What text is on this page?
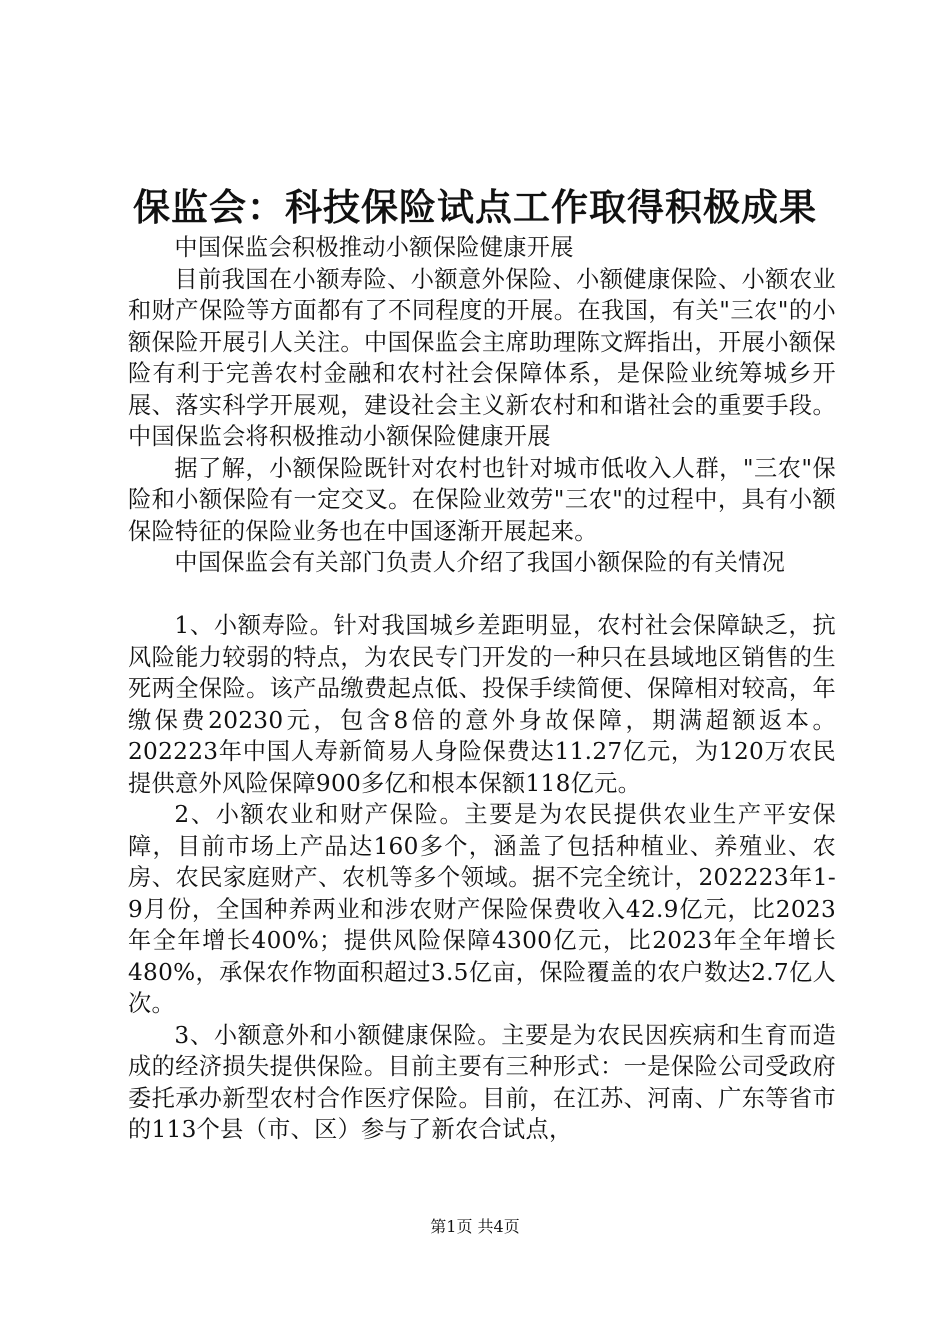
保监会：科技保险试点工作取得积极成果

中国保监会积极推动小额保险健康开展

目前我国在小额寿险、小额意外保险、小额健康保险、小额农业和财产保险等方面都有了不同程度的开展。在我国，有关"三农"的小额保险开展引人关注。中国保监会主席助理陈文辉指出，开展小额保险有利于完善农村金融和农村社会保障体系，是保险业统筹城乡开展、落实科学开展观，建设社会主义新农村和和谐社会的重要手段。中国保监会将积极推动小额保险健康开展

据了解，小额保险既针对农村也针对城市低收入人群，"三农"保险和小额保险有一定交叉。在保险业效劳"三农"的过程中，具有小额保险特征的保险业务也在中国逐渐开展起来。

中国保监会有关部门负责人介绍了我国小额保险的有关情况

1、小额寿险。针对我国城乡差距明显，农村社会保障缺乏，抗风险能力较弱的特点，为农民专门开发的一种只在县域地区销售的生死两全保险。该产品缴费起点低、投保手续简便、保障相对较高，年缴保费20230元，包含8倍的意外身故保障，期满超额返本。202223年中国人寿新简易人身险保费达11.27亿元，为120万农民提供意外风险保障900多亿和根本保额118亿元。

2、小额农业和财产保险。主要是为农民提供农业生产平安保障，目前市场上产品达160多个，涵盖了包括种植业、养殖业、农房、农民家庭财产、农机等多个领域。据不完全统计，202223年1-9月份，全国种养两业和涉农财产保险保费收入42.9亿元，比2023年全年增长400%；提供风险保障4300亿元，比2023年全年增长480%，承保农作物面积超过3.5亿亩，保险覆盖的农户数达2.7亿人次。

3、小额意外和小额健康保险。主要是为农民因疾病和生育而造成的经济损失提供保险。目前主要有三种形式：一是保险公司受政府委托承办新型农村合作医疗保险。目前，在江苏、河南、广东等省市的113个县（市、区）参与了新农合试点，

第1页 共4页
